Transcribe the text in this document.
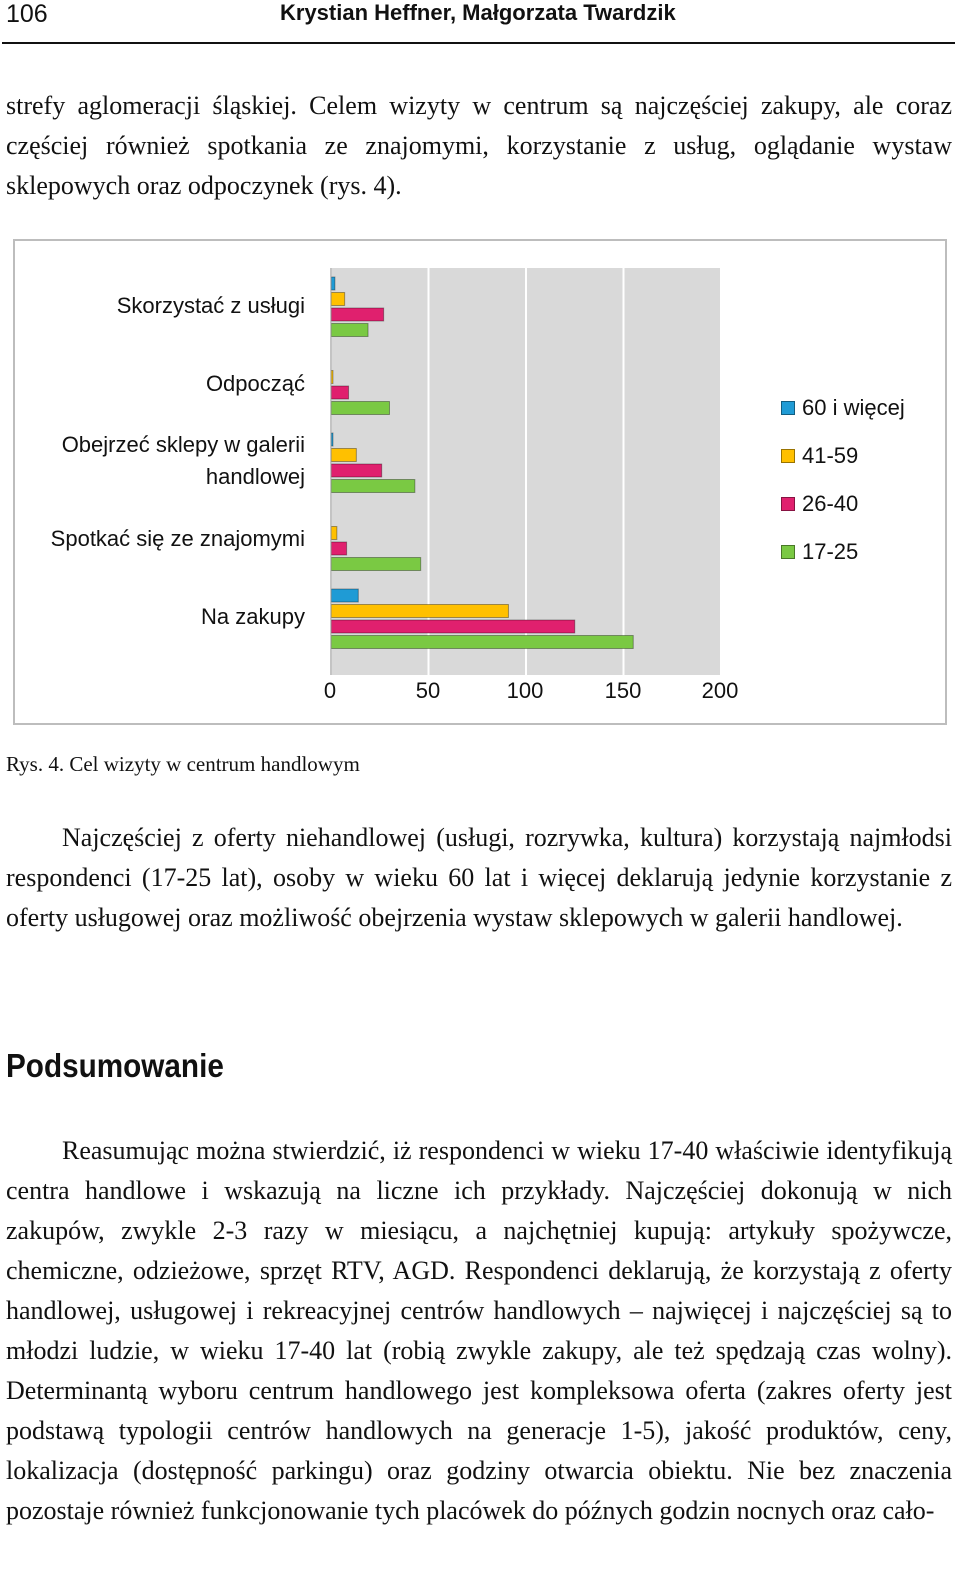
106	Krystian Heffner, Małgorzata Twardzik

strefy aglomeracji śląskiej. Celem wizyty w centrum są najczęściej zakupy, ale coraz częściej również spotkania ze znajomymi, korzystanie z usług, oglądanie wystaw sklepowych oraz odpoczynek (rys. 4).

Skorzystać z usługi
Odpocząć
Obejrzeć sklepy w galerii handlowej
Spotkać się ze znajomymi
Na zakupy
0	50	100	150	200
60 i więcej
41-59
26-40
17-25
Rys. 4. Cel wizyty w centrum handlowym

Najczęściej z oferty niehandlowej (usługi, rozrywka, kultura) korzystają najmłodsi respondenci (17-25 lat), osoby w wieku 60 lat i więcej deklarują jedynie korzystanie z oferty usługowej oraz możliwość obejrzenia wystaw sklepowych w galerii handlowej.

Podsumowanie

Reasumując można stwierdzić, iż respondenci w wieku 17-40 właściwie identyfikują centra handlowe i wskazują na liczne ich przykłady. Najczęściej dokonują w nich zakupów, zwykle 2-3 razy w miesiącu, a najchętniej kupują: artykuły spożywcze, chemiczne, odzieżowe, sprzęt RTV, AGD. Respondenci deklarują, że korzystają z oferty handlowej, usługowej i rekreacyjnej centrów handlowych – najwięcej i najczęściej są to młodzi ludzie, w wieku 17-40 lat (robią zwykle zakupy, ale też spędzają czas wolny). Determinantą wyboru centrum handlowego jest kompleksowa oferta (zakres oferty jest podstawą typologii centrów handlowych na generacje 1-5), jakość produktów, ceny, lokalizacja (dostępność parkingu) oraz godziny otwarcia obiektu. Nie bez znaczenia pozostaje również funkcjonowanie tych placówek do późnych godzin nocnych oraz cało-
